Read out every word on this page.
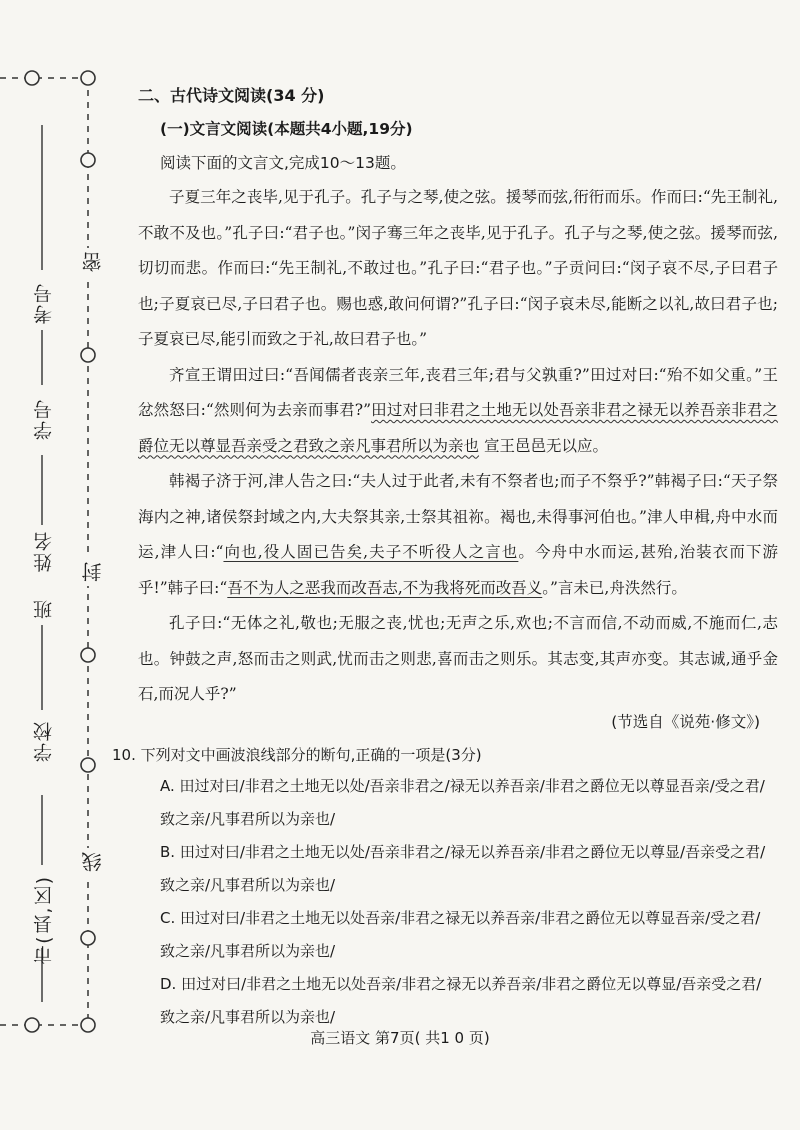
考号
学号
姓名
班
学校
市(县,区)
密
封
线
二、古代诗文阅读(34 分)
(一)文言文阅读(本题共4小题,19分)
阅读下面的文言文,完成10～13题。

子夏三年之丧毕,见于孔子。孔子与之琴,使之弦。援琴而弦,衎衎而乐。作而曰:“先王制礼,不敢不及也。”孔子曰:“君子也。”闵子骞三年之丧毕,见于孔子。孔子与之琴,使之弦。援琴而弦,切切而悲。作而曰:“先王制礼,不敢过也。”孔子曰:“君子也。”子贡问曰:“闵子哀不尽,子曰君子也;子夏哀已尽,子曰君子也。赐也惑,敢问何谓?”孔子曰:“闵子哀未尽,能断之以礼,故曰君子也;子夏哀已尽,能引而致之于礼,故曰君子也。”

齐宣王谓田过曰:“吾闻儒者丧亲三年,丧君三年;君与父孰重?”田过对曰:“殆不如父重。”王忿然怒曰:“然则何为去亲而事君?”田过对曰非君之土地无以处吾亲非君之禄无以养吾亲非君之爵位无以尊显吾亲受之君致之亲凡事君所以为亲也 宣王邑邑无以应。

韩褐子济于河,津人告之曰:“夫人过于此者,未有不祭者也;而子不祭乎?”韩褐子曰:“天子祭海内之神,诸侯祭封域之内,大夫祭其亲,士祭其祖祢。褐也,未得事河伯也。”津人申楫,舟中水而运,津人曰:“向也,役人固已告矣,夫子不听役人之言也。今舟中水而运,甚殆,治装衣而下游乎!”韩子曰:“吾不为人之恶我而改吾志,不为我将死而改吾义。”言未已,舟泆然行。

孔子曰:“无体之礼,敬也;无服之丧,忧也;无声之乐,欢也;不言而信,不动而威,不施而仁,志也。钟鼓之声,怒而击之则武,忧而击之则悲,喜而击之则乐。其志变,其声亦变。其志诚,通乎金石,而况人乎?”

(节选自《说苑·修文》)

10. 下列对文中画波浪线部分的断句,正确的一项是(3分)

A. 田过对曰/非君之土地无以处/吾亲非君之/禄无以养吾亲/非君之爵位无以尊显吾亲/受之君/致之亲/凡事君所以为亲也/

B. 田过对曰/非君之土地无以处/吾亲非君之/禄无以养吾亲/非君之爵位无以尊显/吾亲受之君/致之亲/凡事君所以为亲也/

C. 田过对曰/非君之土地无以处吾亲/非君之禄无以养吾亲/非君之爵位无以尊显吾亲/受之君/致之亲/凡事君所以为亲也/

D. 田过对曰/非君之土地无以处吾亲/非君之禄无以养吾亲/非君之爵位无以尊显/吾亲受之君/致之亲/凡事君所以为亲也/

高三语文 第7页( 共1 0 页)
